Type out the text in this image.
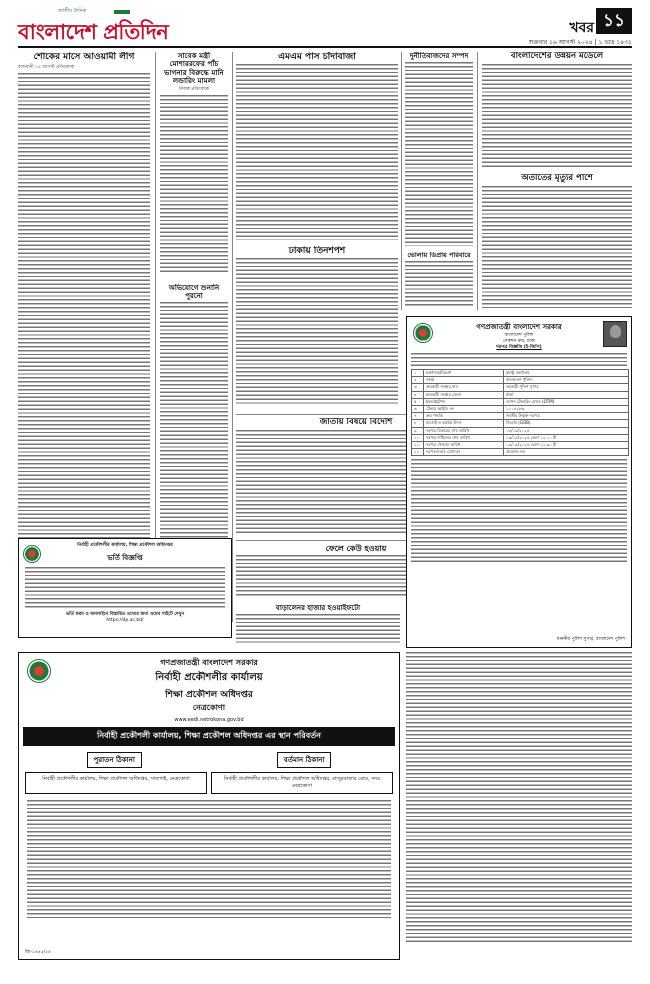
জাতীয় দৈনিক
বাংলাদেশ প্রতিদিন	খবর ১১
শুক্রবার ১৬ আগস্ট ২০২৪ | ১ ভাদ্র ১৪৩১
শোকের মাসে আওয়ামী লীগ
রাজধানী ১৫ আগস্ট প্রতিবেদক
সাবেক মন্ত্রী মোশাররফের পাঁচ ভাগনার বিরুদ্ধে মানি লন্ডারিং মামলা
নিজস্ব প্রতিবেদক
অভিযোগে শুনানি পুরনো
এমএম পাস চাঁদাবাজা
ঢাকায় তিনশপশ
জাতীয় বিষয়ে বিদেশি
ফেলে কেউ হওয়ায়
দুর্নীতিবাজদের সম্পদ
ভোলায় ডিপ্রায় পরিবারে
বাংলাদেশের উন্নয়ন মডেলে
অতীতের মৃত্যুর পাশে
নির্বাহী প্রকৌশলীর কার্যালয়, শিক্ষা প্রকৌশল অধিদপ্তর
ভর্তি বিজ্ঞপ্তি
ভর্তি ফরম ও অনলাইনে বিস্তারিত তথ্যের জন্য ওয়েব সাইটে দেখুন
https://dp.ac.bd/
গণপ্রজাতন্ত্রী বাংলাদেশ সরকার
বাংলাদেশ পুলিশ
সেকশন ক্রয়, ঢাকা
দরপত্র বিজ্ঞপ্তি (ই-জিপি)
১	মন্ত্রণালয়/বিভাগ	স্বরাষ্ট্র মন্ত্রণালয়
২	সংস্থা	বাংলাদেশ পুলিশ
৩	ক্রয়কারী সংস্থার নাম	সহকারী পুলিশ সুপার
৪	ক্রয়কারী সংস্থার জেলা	ঢাকা
৫	ইনভাইটেশন	ওপেন টেন্ডারিং মেথড (OTM)
৬	টেন্ডার আইডি নং	১০১৪২৮৬
৭	ক্রয় পদ্ধতি	জাতীয় উন্মুক্ত দরপত্র
৮	বাজেট ও অর্থের উৎস	জিওবি (GOB)
৯	দরপত্র বিক্রয়ের শেষ তারিখ	০৮/০৯/২০২৪
১০	দরপত্র দাখিলের শেষ তারিখ	০৯/০৯/২০২৪ বেলা ১২.০০ টা
১১	দরপত্র খোলার তারিখ	০৯/০৯/২০২৪ বেলা ১২.৩০ টা
১২	দরপত্রদাতার যোগ্যতা	প্রযোজ্য নয়
মাননীয় পুলিশ সুপার, বাংলাদেশ পুলিশ
বাড়ালেনর হাজার হওয়াইফটো
গণপ্রজাতন্ত্রী বাংলাদেশ সরকার
নির্বাহী প্রকৌশলীর কার্যালয়
শিক্ষা প্রকৌশল অধিদপ্তর
নেত্রকোণা
www.eedi.netrokona.gov.bd
নির্বাহী প্রকৌশলী কার্যালয়, শিক্ষা প্রকৌশল অধিদপ্তর এর স্থান পরিবর্তন
পুরাতন ঠিকানা	বর্তমান ঠিকানা
নির্বাহী প্রকৌশলীর কার্যালয়, শিক্ষা প্রকৌশল অধিদপ্তর, সাতপাই, নেত্রকোণা	নির্বাহী প্রকৌশলীর কার্যালয়, শিক্ষা প্রকৌশল অধিদপ্তর, রাজুরবাজার রোড, সদর নেত্রকোণা
জি-১৪৪৫/২৪
